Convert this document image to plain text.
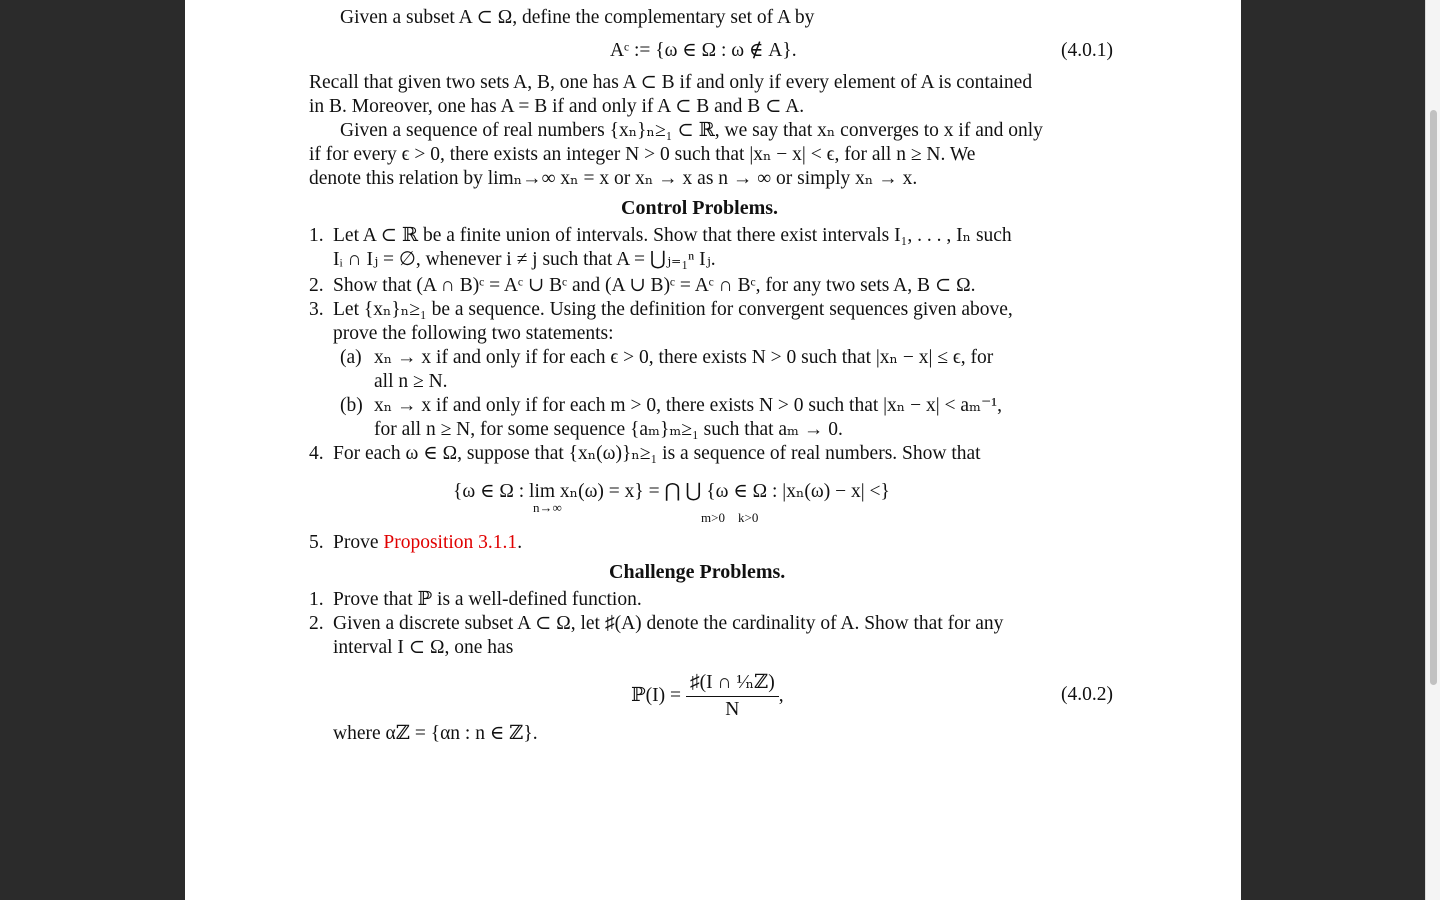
Given a subset A ⊂ Ω, define the complementary set of A by
Aᶜ := {ω ∈ Ω : ω ∉ A}.	(4.0.1)
Recall that given two sets A, B, one has A ⊂ B if and only if every element of A is contained
in B. Moreover, one has A = B if and only if A ⊂ B and B ⊂ A.
Given a sequence of real numbers {xₙ}ₙ≥₁ ⊂ ℝ, we say that xₙ converges to x if and only
if for every ϵ > 0, there exists an integer N > 0 such that |xₙ − x| < ϵ, for all n ≥ N. We
denote this relation by limₙ→∞ xₙ = x or xₙ → x as n → ∞ or simply xₙ → x.
Control Problems.
1. Let A ⊂ ℝ be a finite union of intervals. Show that there exist intervals I₁, . . . , Iₙ such
Iᵢ ∩ Iⱼ = ∅, whenever i ≠ j such that A = ⋃ⱼ₌₁ⁿ Iⱼ.
2. Show that (A ∩ B)ᶜ = Aᶜ ∪ Bᶜ and (A ∪ B)ᶜ = Aᶜ ∩ Bᶜ, for any two sets A, B ⊂ Ω.
3. Let {xₙ}ₙ≥₁ be a sequence. Using the definition for convergent sequences given above,
prove the following two statements:
(a) xₙ → x if and only if for each ϵ > 0, there exists N > 0 such that |xₙ − x| ≤ ϵ, for
all n ≥ N.
(b) xₙ → x if and only if for each m > 0, there exists N > 0 such that |xₙ − x| < aₘ⁻¹,
for all n ≥ N, for some sequence {aₘ}ₘ≥₁ such that aₘ → 0.
4. For each ω ∈ Ω, suppose that {xₙ(ω)}ₙ≥₁ is a sequence of real numbers. Show that
{ω ∈ Ω : lim xₙ(ω) = x} = ⋂ ⋃ {ω ∈ Ω : |xₙ(ω) − x| <}
n→∞
m>0 k>0
5. Prove Proposition 3.1.1.
Challenge Problems.
1. Prove that ℙ is a well-defined function.
2. Given a discrete subset A ⊂ Ω, let ♯(A) denote the cardinality of A. Show that for any
interval I ⊂ Ω, one has
ℙ(I) = $\frac{\text{♯(I ∩ ¹⁄ₙℤ)}}{N}$ ,	(4.0.2)
where αℤ = {αn : n ∈ ℤ}.
